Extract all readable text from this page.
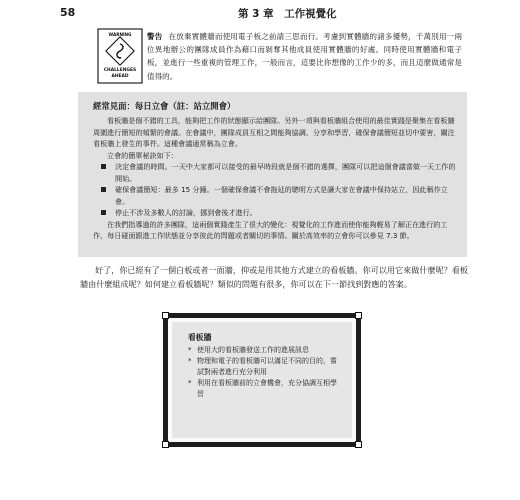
58	第 3 章　工作視覺化
WARNING
CHALLENGES
AHEAD
警告 在放棄實體牆而使用電子板之前請三思而行。考慮到實體牆的諸多優勢，千萬別用一兩位異地辦公的團隊成員作為藉口而剝奪其他成員使用實體牆的好處。同時使用實體牆和電子板，並進行一些重複的管理工作，一般而言，這要比你想像的工作少的多，而且這麼做通常是值得的。
經常見面：每日立會（註：站立開會）

看板牆是個不錯的工具，能夠把工作的狀態顯示給團隊。另外一項與看板牆組合使用的最佳實踐是聚集在看板牆周圍進行簡短的頻繁的會議。在會議中，團隊成員互相之間能夠協調、分享和學習，確保會議簡短並切中要害，關注看板牆上發生的事件。這種會議通常稱為立會。

立會的簡單秘訣如下：

決定會議的時間。一天中大家都可以接受的最早時段就是個不錯的選擇，團隊可以把這個會議當做一天工作的開始。
確保會議簡短：最多 15 分鐘。一個確保會議不會拖延的聰明方式是讓大家在會議中保持站立，因此稱作立會。
停止不涉及多數人的討論，挪到會後才進行。

在我們指導過的許多團隊，這兩個實踐產生了很大的變化：視覺化的工作進而使你能夠輕易了解正在進行的工作，每日碰面跟進工作狀態並分享彼此的問題或者關切的事情。關於高效率的立會你可以參見 7.3 節。

好了，你已經有了一個白板或者一面牆，抑或是用其他方式建立的看板牆。你可以用它來做什麼呢？看板牆由什麼組成呢？如何建立看板牆呢？類似的問題有很多，你可以在下一節找到對應的答案。

看板牆
* 使用大的看板牆發送工作的進展訊息
* 物理和電子的看板牆可以滿足不同的目的，嘗試對兩者進行充分利用
* 利用在看板牆前的立會機會，充分協調互相學習
